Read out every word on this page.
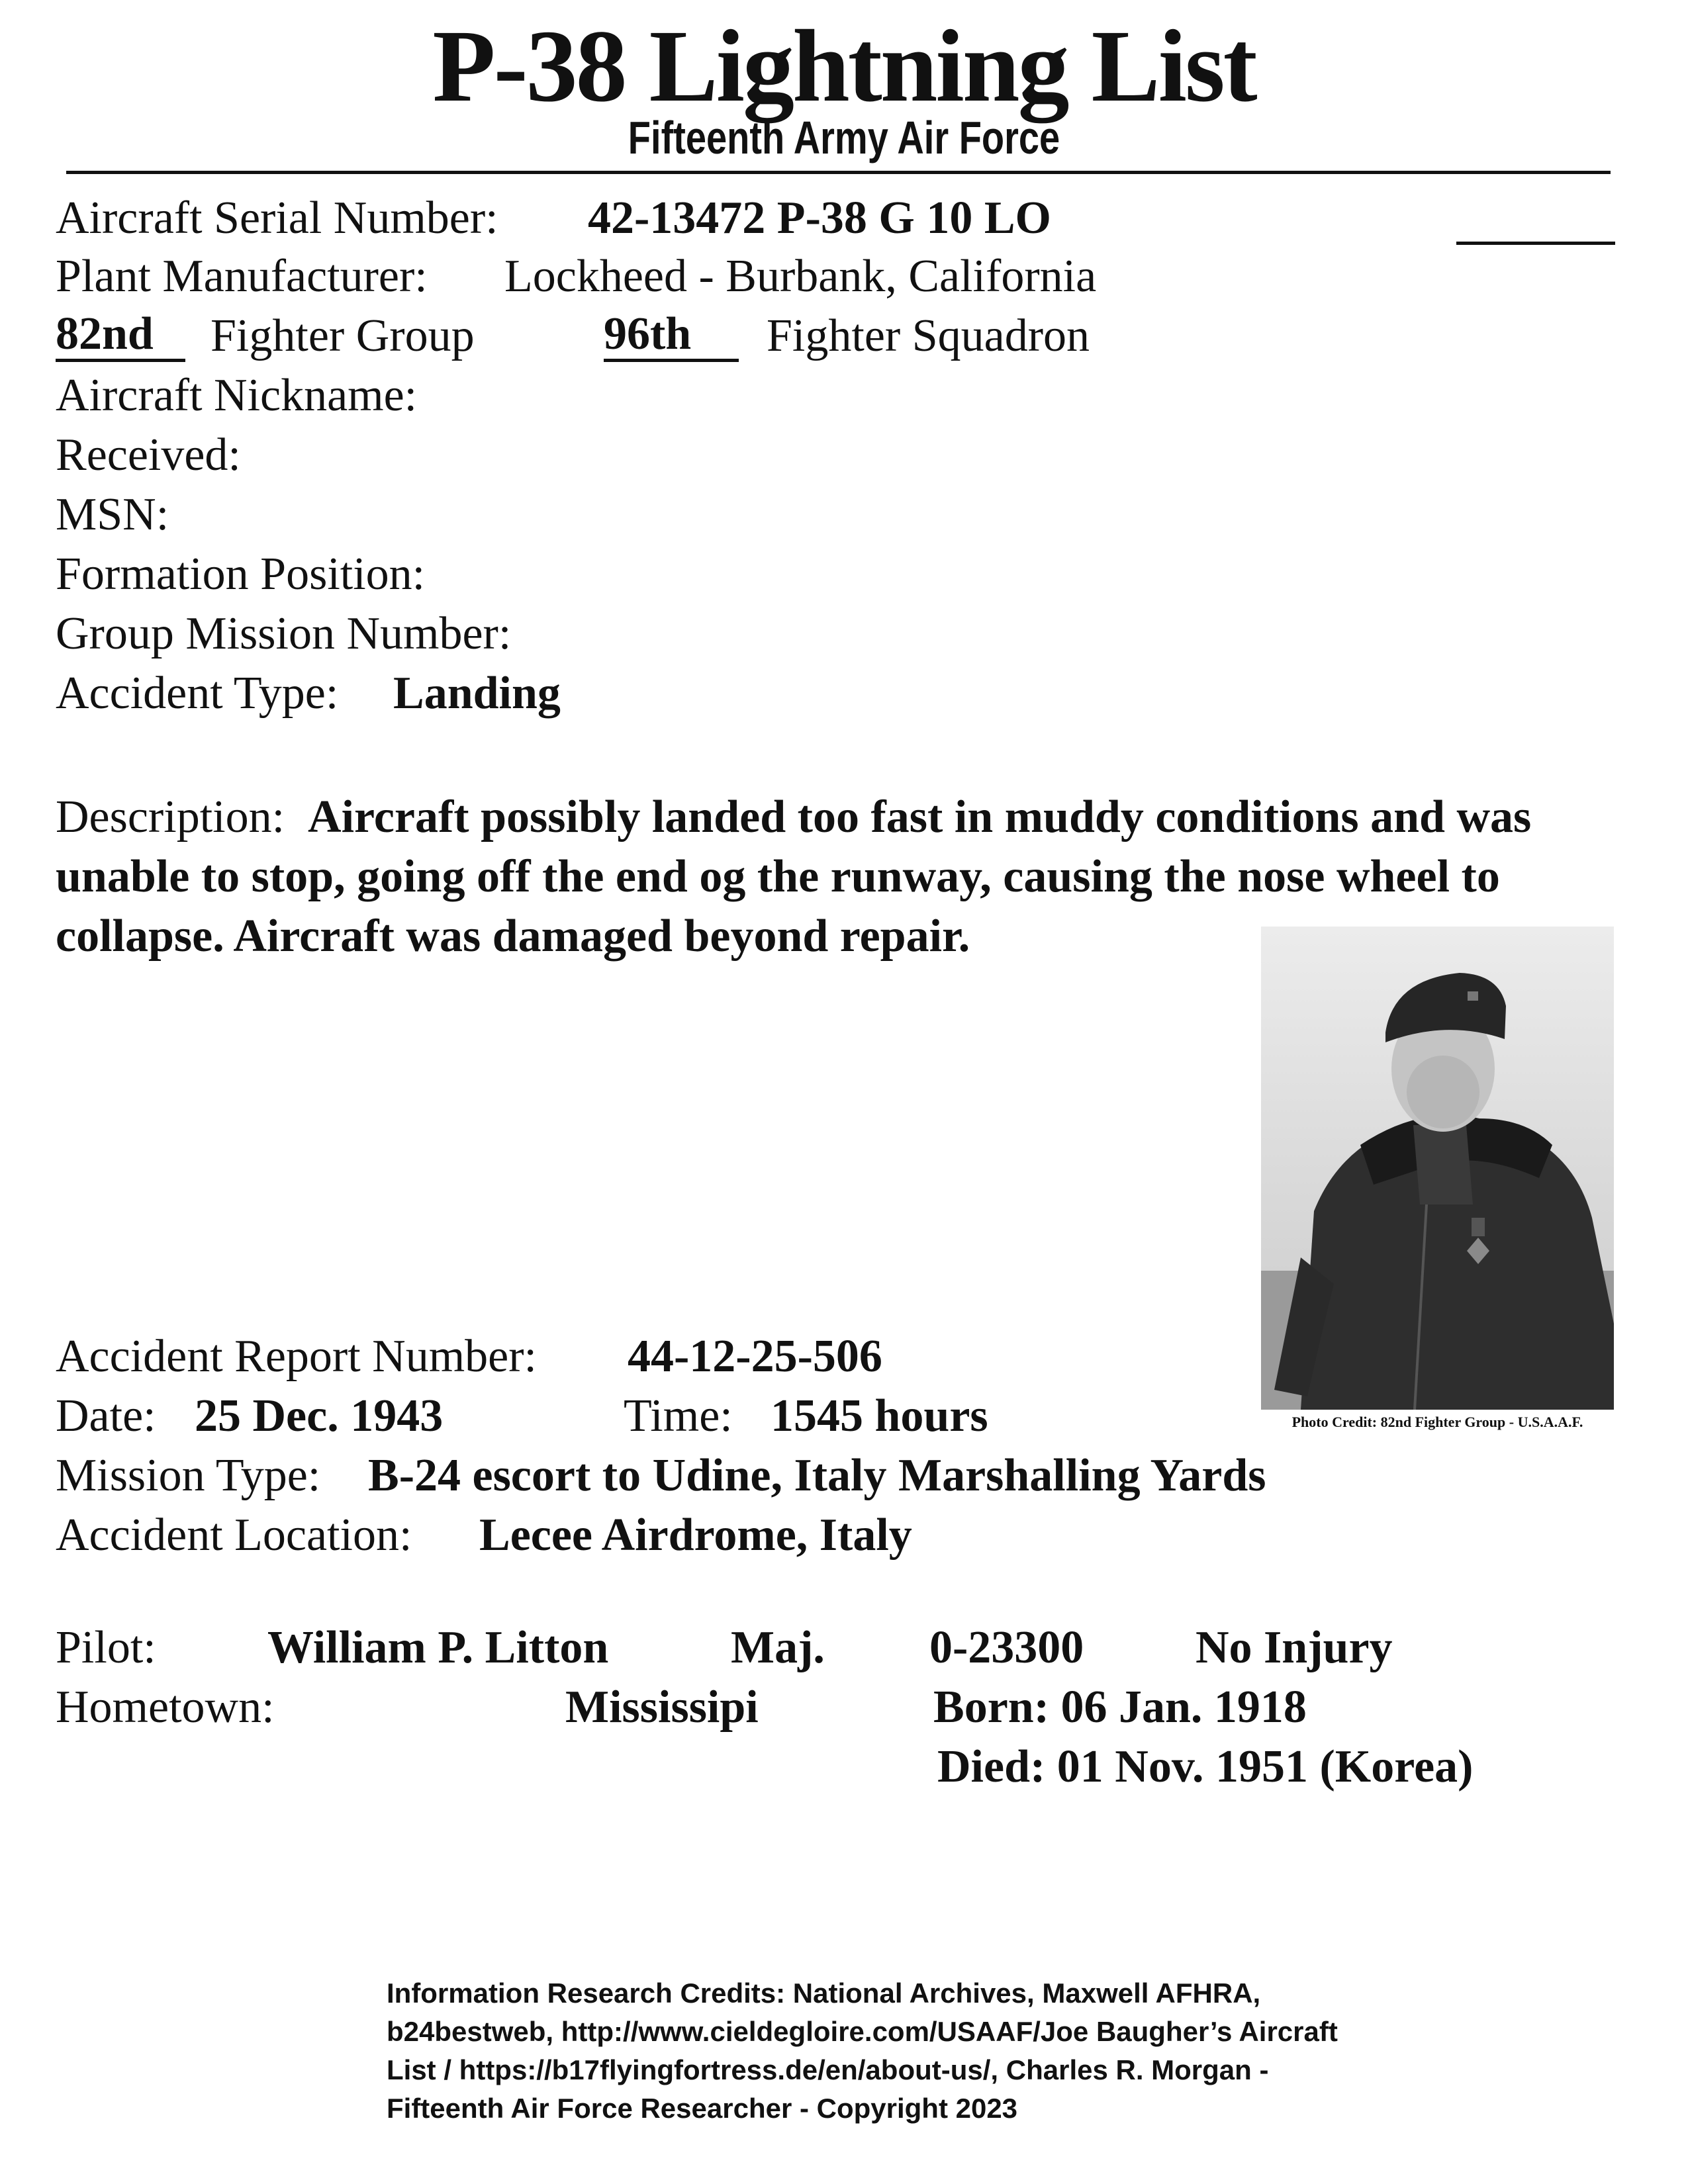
P-38 Lightning List
Fifteenth Army Air Force
Aircraft Serial Number: 42-13472 P-38 G 10 LO
Plant Manufacturer: Lockheed - Burbank, California
82nd	Fighter Group	96th	Fighter Squadron
Aircraft Nickname:
Received:
MSN:
Formation Position:
Group Mission Number:
Accident Type: Landing
Description: Aircraft possibly landed too fast in muddy conditions and was unable to stop, going off the end og the runway, causing the nose wheel to collapse. Aircraft was damaged beyond repair.
Photo Credit: 82nd Fighter Group - U.S.A.A.F.
Accident Report Number: 44-12-25-506
Date: 25 Dec. 1943	Time: 1545 hours
Mission Type: B-24 escort to Udine, Italy Marshalling Yards
Accident Location: Lecee Airdrome, Italy
Pilot: William P. Litton	Maj. 0-23300 No Injury
Hometown:	Mississipi	Born: 06 Jan. 1918
Died: 01 Nov. 1951 (Korea)
Information Research Credits: National Archives, Maxwell AFHRA, b24bestweb, http://www.cieldegloire.com/USAAF/Joe Baugher’s Aircraft List / https://b17flyingfortress.de/en/about-us/, Charles R. Morgan - Fifteenth Air Force Researcher - Copyright 2023
